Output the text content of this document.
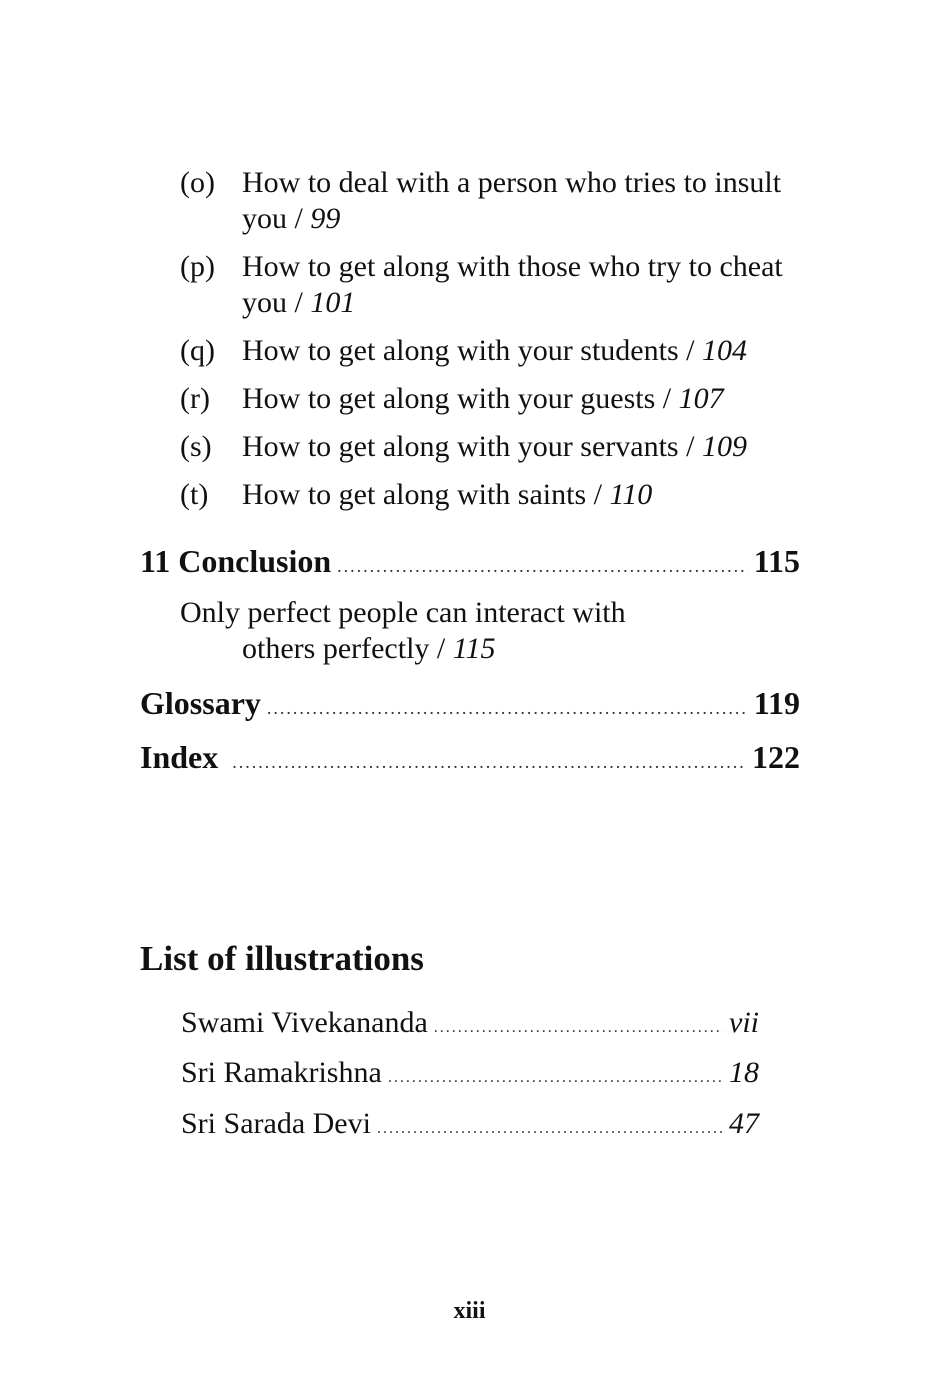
(o) How to deal with a person who tries to insult you / 99
(p) How to get along with those who try to cheat you / 101
(q) How to get along with your students / 104
(r)	How to get along with your guests / 107
(s)	How to get along with your servants / 109
(t)	How to get along with saints / 110
11 Conclusion .....	115
Only perfect people can interact with
others perfectly / 115
Glossary .....	119
Index .....	122
List of illustrations
Swami Vivekananda .....	vii
Sri Ramakrishna .....	18
Sri Sarada Devi .....	47
xiii
